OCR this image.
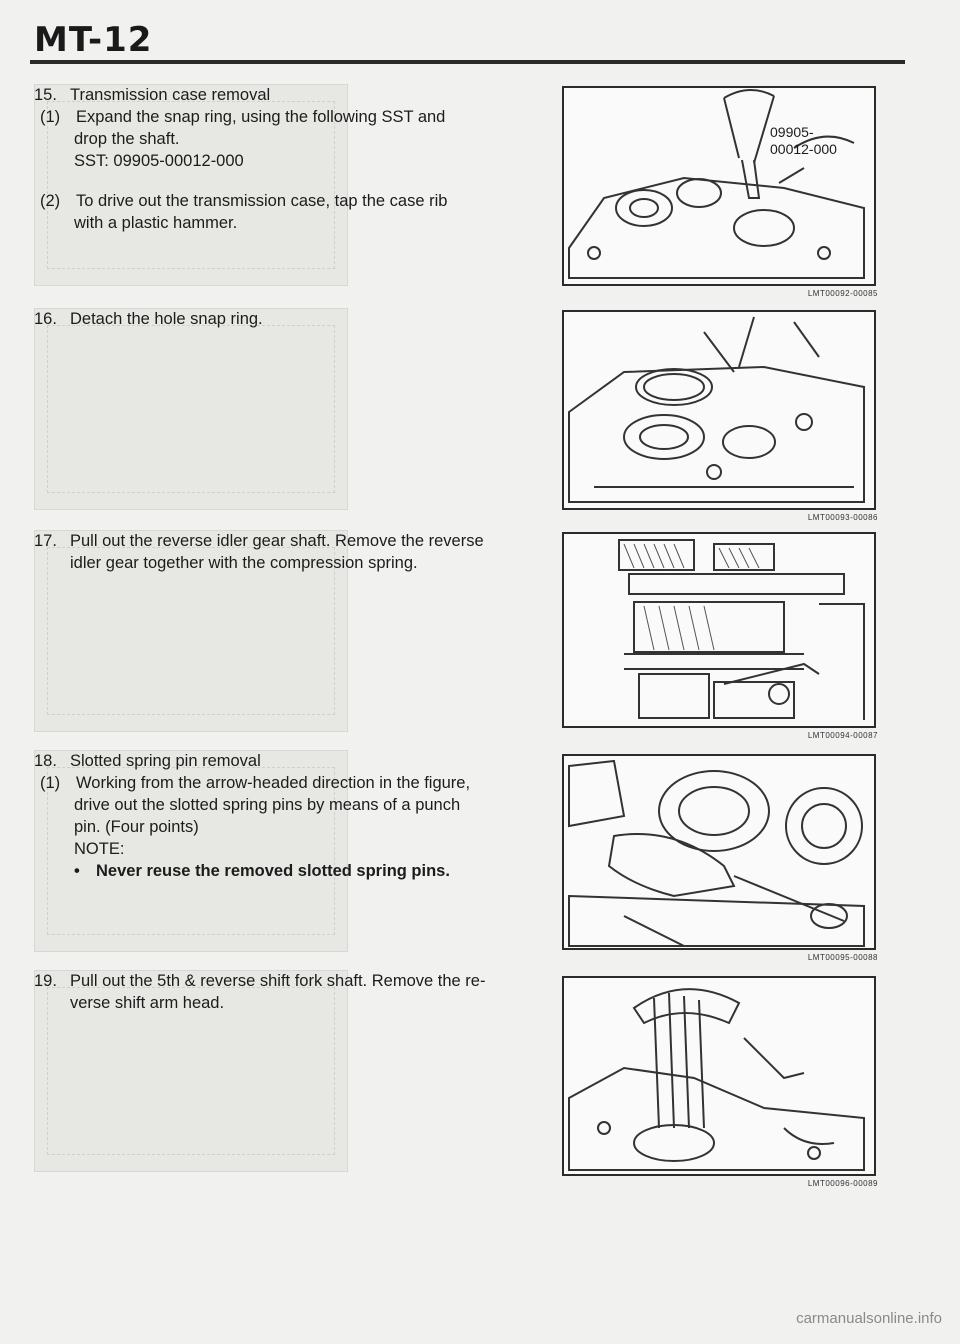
MT-12
15. Transmission case removal
(1) Expand the snap ring, using the following SST and
drop the shaft.
SST: 09905-00012-000
(2) To drive out the transmission case, tap the case rib
with a plastic hammer.
09905-
00012-000
LMT00092-00085
16. Detach the hole snap ring.
LMT00093-00086
17. Pull out the reverse idler gear shaft. Remove the reverse
idler gear together with the compression spring.
LMT00094-00087
18. Slotted spring pin removal
(1) Working from the arrow-headed direction in the figure,
drive out the slotted spring pins by means of a punch
pin. (Four points)
NOTE:
• Never reuse the removed slotted spring pins.
LMT00095-00088
19. Pull out the 5th & reverse shift fork shaft. Remove the re-
verse shift arm head.
LMT00096-00089
carmanualsonline.info
